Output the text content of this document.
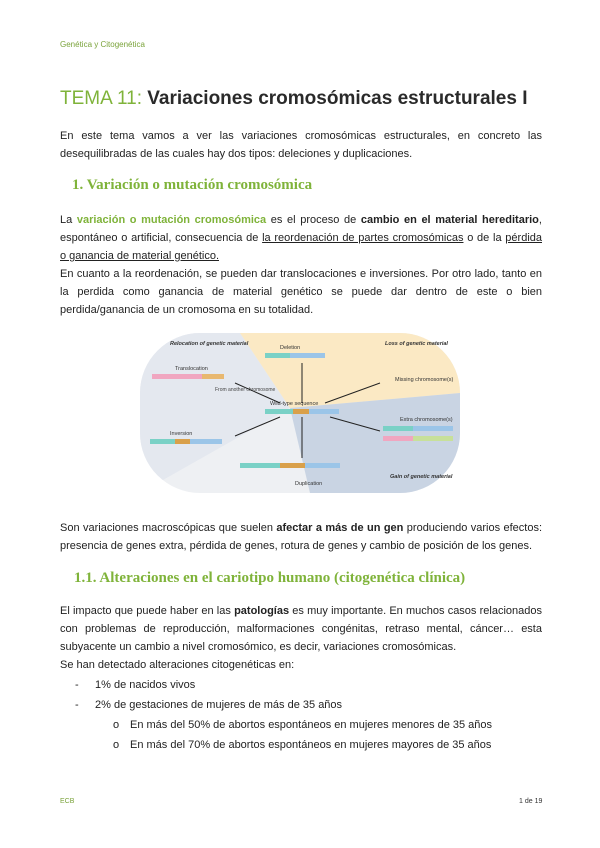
Genética y Citogenética
TEMA 11: Variaciones cromosómicas estructurales I
En este tema vamos a ver las variaciones cromosómicas estructurales, en concreto las desequilibradas de las cuales hay dos tipos: deleciones y duplicaciones.
1. Variación o mutación cromosómica
La variación o mutación cromosómica es el proceso de cambio en el material hereditario, espontáneo o artificial, consecuencia de la reordenación de partes cromosómicas o de la pérdida o ganancia de material genético.
En cuanto a la reordenación, se pueden dar translocaciones e inversiones. Por otro lado, tanto en la perdida como ganancia de material genético se puede dar dentro de este o bien perdida/ganancia de un cromosoma en su totalidad.
Relocation of genetic material	Loss of genetic material
Gain of genetic material
Deletion
Translocation
From another chromosome
Inversion
Missing chromosome(s)
Extra chromosome(s)
Wild-type sequence
Duplication
Son variaciones macroscópicas que suelen afectar a más de un gen produciendo varios efectos: presencia de genes extra, pérdida de genes, rotura de genes y cambio de posición de los genes.
1.1. Alteraciones en el cariotipo humano (citogenética clínica)
El impacto que puede haber en las patologías es muy importante. En muchos casos relacionados con problemas de reproducción, malformaciones congénitas, retraso mental, cáncer… esta subyacente un cambio a nivel cromosómico, es decir, variaciones cromosómicas.
Se han detectado alteraciones citogenéticas en:
- 1% de nacidos vivos
- 2% de gestaciones de mujeres de más de 35 años
o En más del 50% de abortos espontáneos en mujeres menores de 35 años
o En más del 70% de abortos espontáneos en mujeres mayores de 35 años
ECB	1 de 19
